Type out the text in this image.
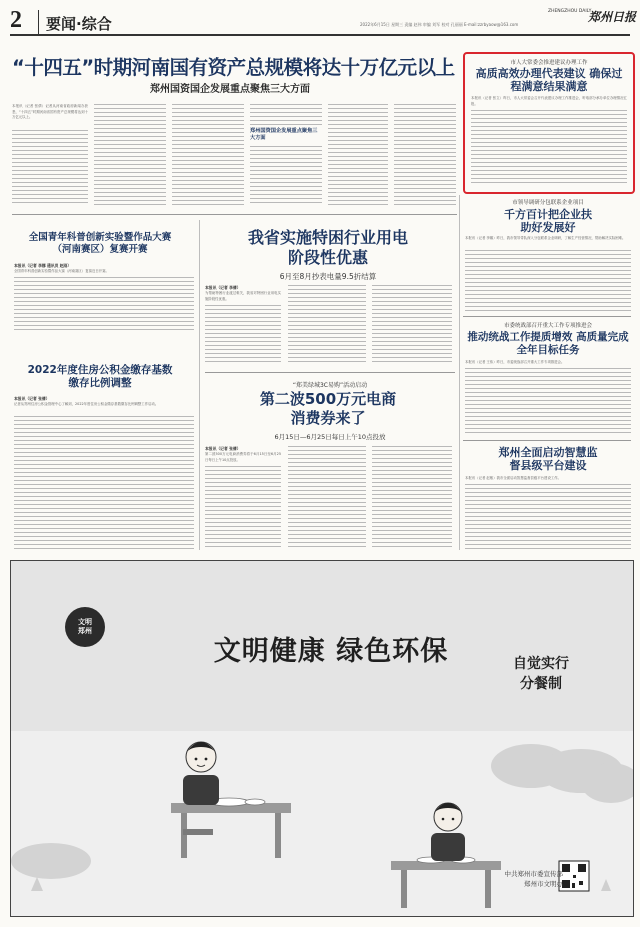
2 要闻·综合	2022年6月15日 星期三 责编 赵伟 审编 刘军 校对 孔丽丽 E-mail:zzrbyaow@163.com
ZHENGZHOU DAILY
郑州日报
“十四五”时期河南国有资产总规模将达十万亿元以上
郑州国资国企发展重点聚焦三大方面
本报讯（记者 张倩）记者从河南省政府新闻办获悉，“十四五”时期河南省国有资产总规模将达到十万亿元以上。
郑州国资国企发展重点聚焦三大方面
市人大常委会推进建议办理工作
高质高效办理代表建议 确保过程满意结果满意
本报讯（记者 张立）昨日，市人大常委会召开代表建议办理工作推进会，听取部分承办单位办理情况汇报。
市领导调研分包联系企业项目
千方百计把企业扶助好发展好
本报讯（记者 李娜）昨日，我市领导带队深入分包联系企业调研，了解生产经营情况，帮助解决实际困难。
市委统战部召开重大工作专项推进会
推动统战工作提质增效 高质量完成全年目标任务
本报讯（记者 王伟）昨日，市委统战部召开重大工作专项推进会。
郑州全面启动智慧监督县级平台建设
本报讯（记者 赵敏）我市全面启动智慧监督县级平台建设工作。
全国青年科普创新实验暨作品大赛（河南赛区）复赛开赛
本报讯（记者 李娜 通讯员 赵刚）
全国青年科普创新实验暨作品大赛（河南赛区）复赛近日开赛。
2022年度住房公积金缴存基数缴存比例调整
本报讯（记者 张倩）
记者从郑州住房公积金管理中心了解到，2022年度住房公积金缴存基数缴存比例调整工作启动。
我省实施特困行业用电阶段性优惠
6月至8月抄表电量9.5折结算
本报讯（记者 李倩）
为帮助特困行业渡过难关，我省对特困行业用电实施阶段性优惠。
“郑美绿城3C易购”活动启动
第二波500万元电商消费券来了
6月15日—6月25日每日上午10点投放
本报讯（记者 张倩）
第二波500万元电商消费券将于6月15日至6月25日每日上午10点投放。
文明郑州
文明健康 绿色环保	自觉实行
分餐制
中共郑州市委宣传部
郑州市文明办
